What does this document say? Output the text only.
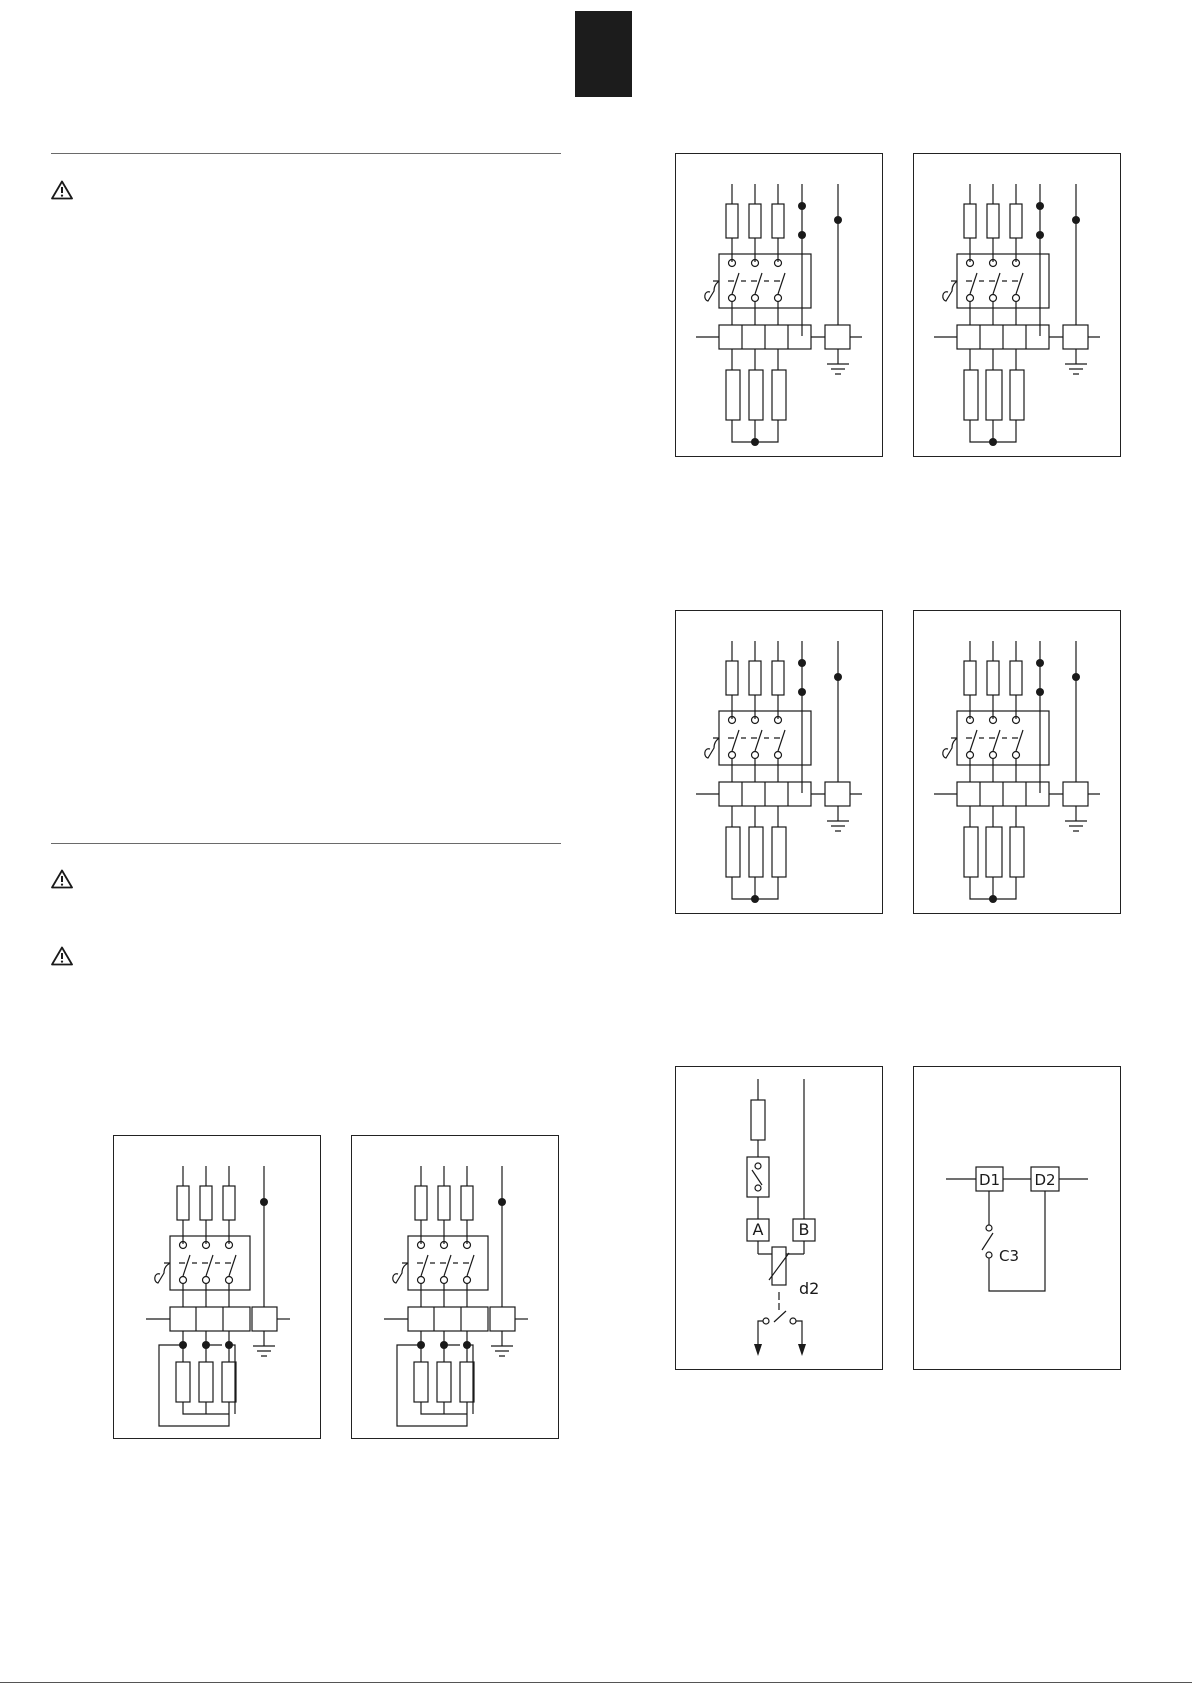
A B
d2
D1 D2
C3
